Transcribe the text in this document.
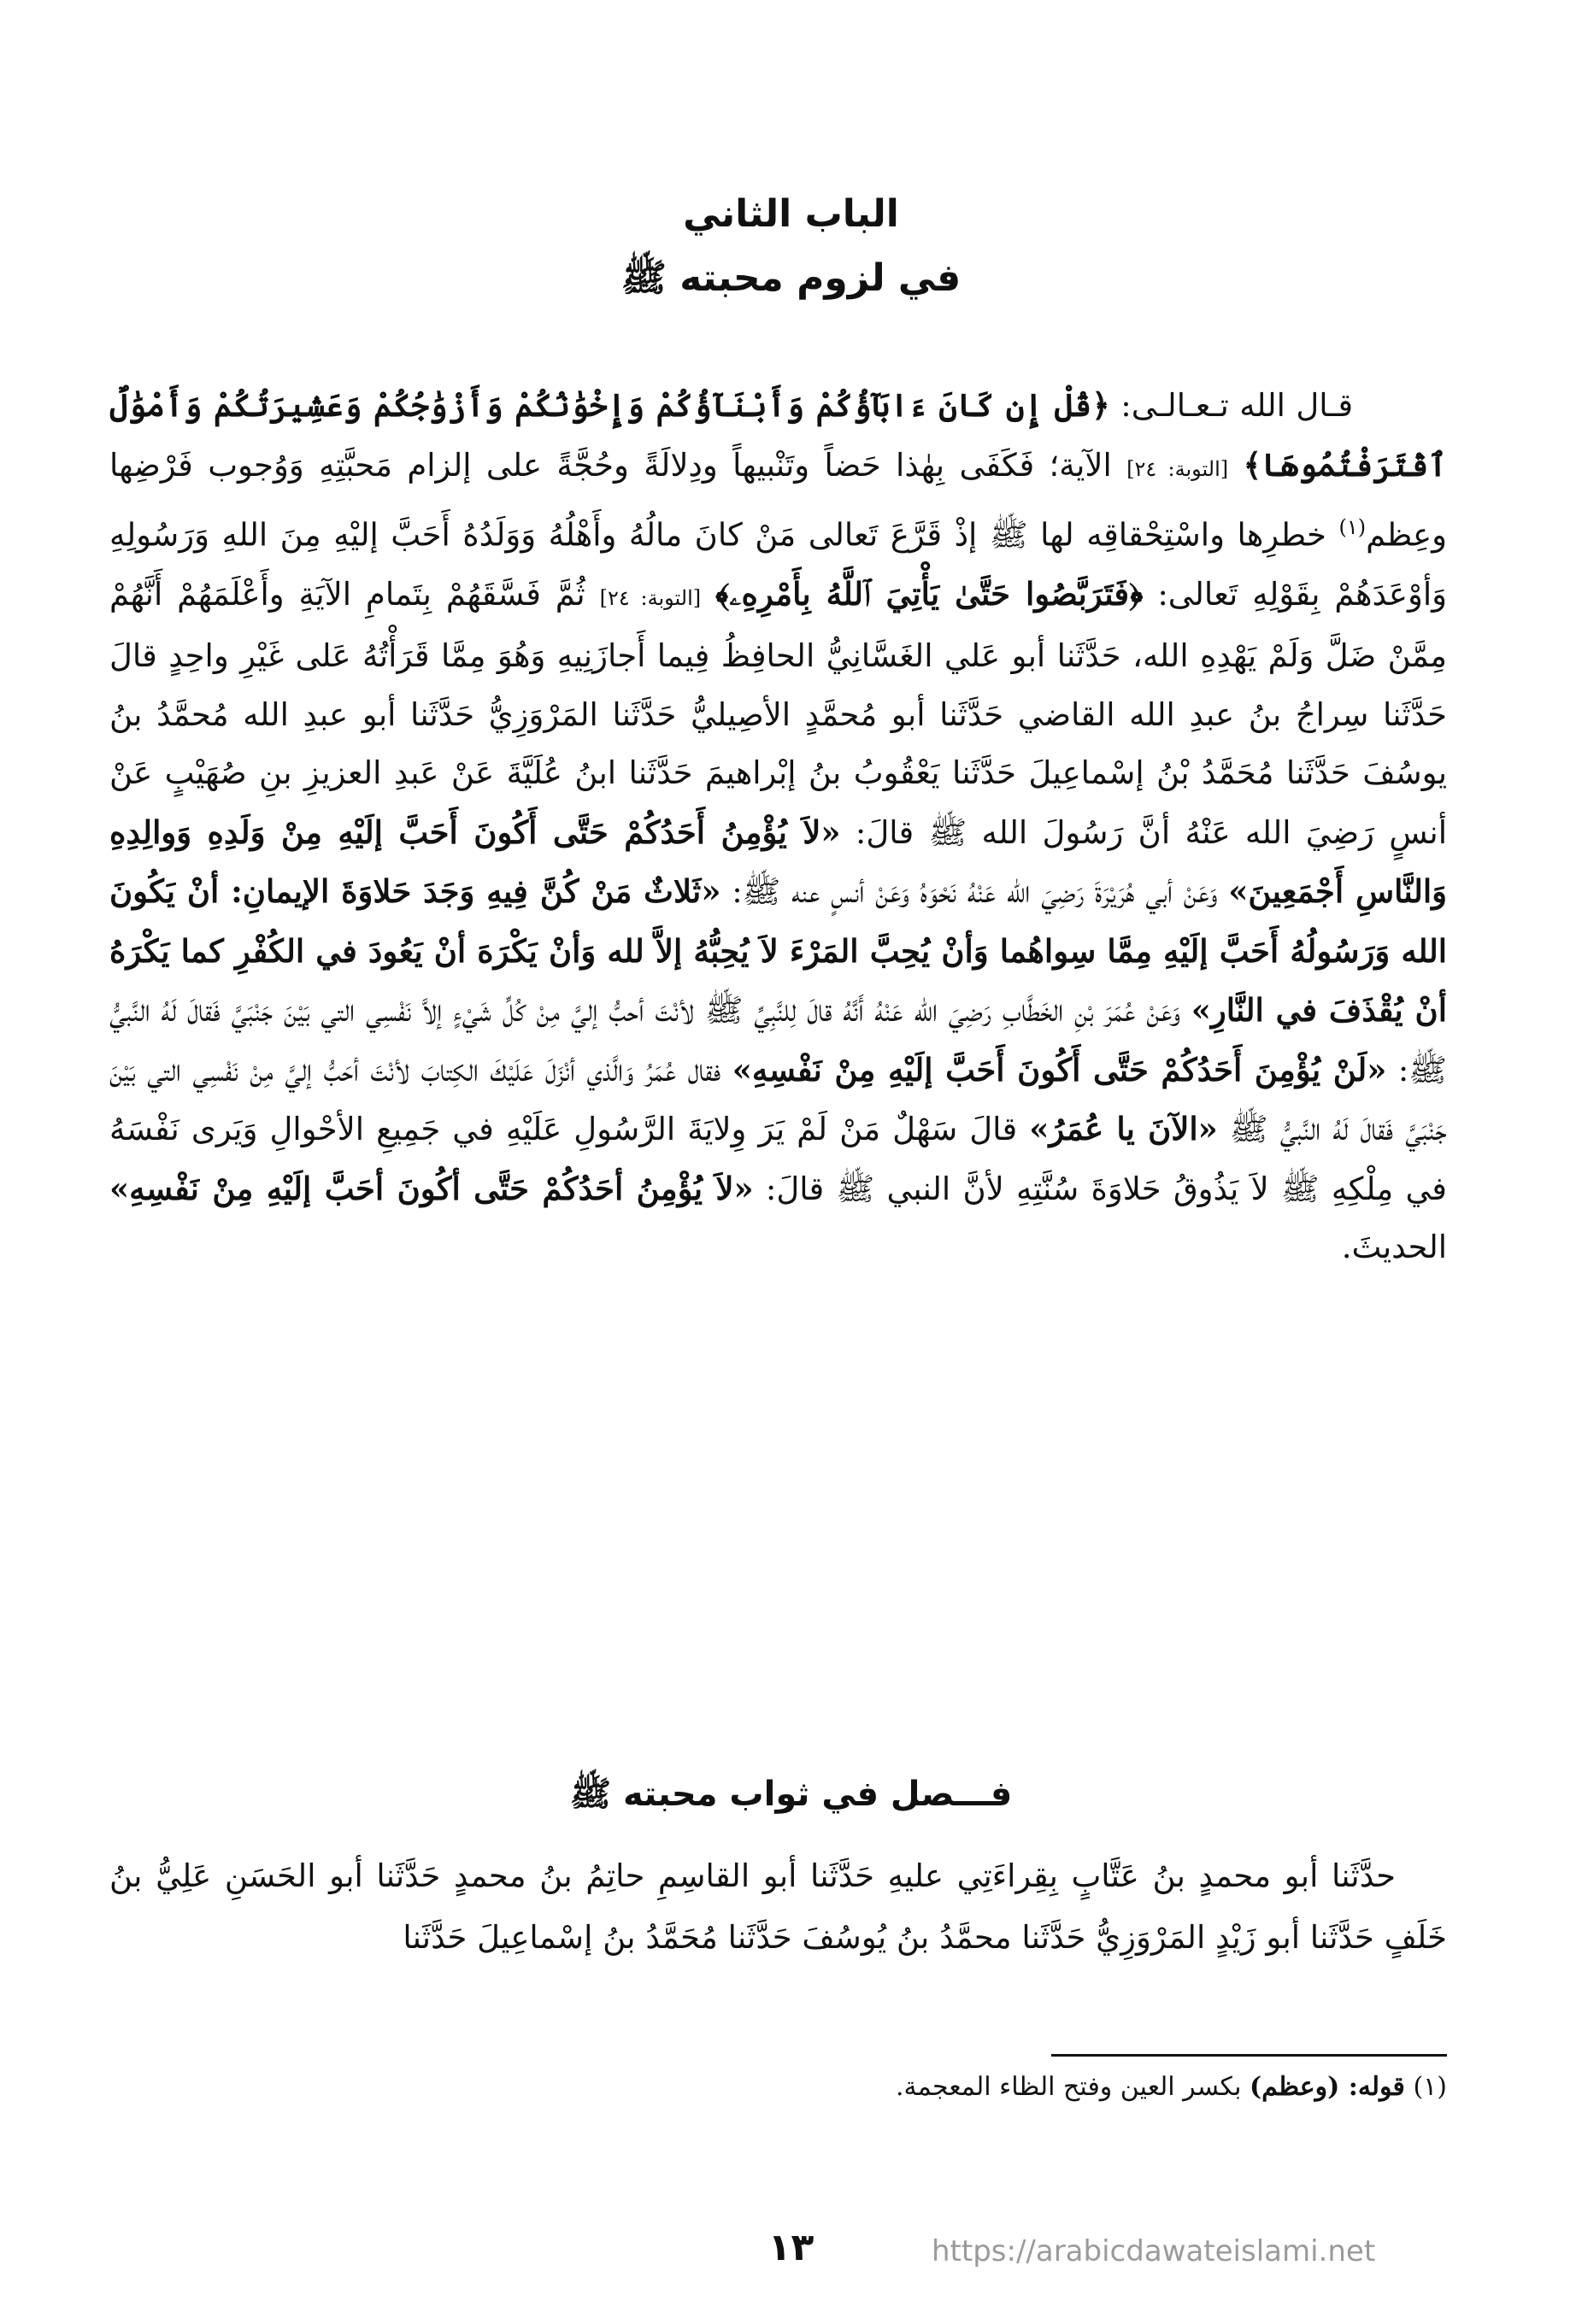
الباب الثاني
في لزوم محبته ﷺ

قـال الله تـعـالـى: ﴿قُلْ إِن كَانَ ءَابَآؤُكُمْ وَأَبْنَآؤُكُمْ وَإِخْوَٰنُكُمْ وَأَزْوَٰجُكُمْ وَعَشِيرَتُكُمْ وَأَمْوَٰلٌ ٱقْتَرَفْتُمُوهَا﴾ [التوبة: ٢٤] الآية؛ فَكَفَى بِهٰذا حَضاً وتَنْبيهاً ودِلالَةً وحُجَّةً على إلزام مَحبَّتِهِ وَوُجوب فَرْضِها وعِظم$^{(١)}$ خطرِها واسْتِحْقاقِه لها ﷺ إذْ قَرَّعَ تَعالى مَنْ كانَ مالُهُ وأَهْلُهُ وَوَلَدُهُ أَحَبَّ إليْهِ مِنَ اللهِ وَرَسُولِهِ وَأوْعَدَهُمْ بِقَوْلِهِ تَعالى: ﴿فَتَرَبَّصُوا حَتَّىٰ يَأْتِيَ ٱللَّهُ بِأَمْرِهِۦ﴾ [التوبة: ٢٤] ثُمَّ فَسَّقَهُمْ بِتَمامِ الآيَةِ وأَعْلَمَهُمْ أَنَّهُمْ مِمَّنْ ضَلَّ وَلَمْ يَهْدِهِ الله، حَدَّثَنا أبو عَلي الغَسَّانِيُّ الحافِظُ فِيما أَجازَنِيهِ وَهُوَ مِمَّا قَرَأْتُهُ عَلى غَيْرِ واحِدٍ قالَ حَدَّثَنا سِراجُ بنُ عبدِ الله القاضي حَدَّثَنا أبو مُحمَّدٍ الأصِيليُّ حَدَّثَنا المَرْوَزِيُّ حَدَّثَنا أبو عبدِ الله مُحمَّدُ بنُ يوسُفَ حَدَّثَنا مُحَمَّدُ بْنُ إسْماعِيلَ حَدَّثَنا يَعْقُوبُ بنُ إبْراهيمَ حَدَّثَنا ابنُ عُلَيَّةَ عَنْ عَبدِ العزيزِ بنِ صُهَيْبٍ عَنْ أنسٍ رَضِيَ الله عَنْهُ أنَّ رَسُولَ الله ﷺ قالَ: «لاَ يُؤْمِنُ أَحَدُكُمْ حَتَّى أَكُونَ أَحَبَّ إلَيْهِ مِنْ وَلَدِهِ وَوالِدِهِ وَالنَّاسِ أَجْمَعِينَ» وَعَنْ أبي هُرَيْرَةَ رَضِيَ الله عَنْهُ نَحْوَهُ وَعَنْ أنسٍ عنه ﷺ: «ثَلاثٌ مَنْ كُنَّ فِيهِ وَجَدَ حَلاوَةَ الإيمانِ: أنْ يَكُونَ الله وَرَسُولُهُ أَحَبَّ إلَيْهِ مِمَّا سِواهُما وَأنْ يُحِبَّ المَرْءَ لاَ يُحِبُّهُ إلاَّ لله وَأنْ يَكْرَهَ أنْ يَعُودَ في الكُفْرِ كما يَكْرَهُ أنْ يُقْذَفَ في النَّارِ» وَعَنْ عُمَرَ بْنِ الخَطَّابِ رَضِيَ الله عَنْهُ أَنَّهُ قالَ لِلنَّبِيِّ ﷺ لأنْتَ أحبُّ إليَّ مِنْ كُلِّ شَيْءٍ إلاَّ نَفْسِي التي بَيْنَ جَنْبَيَّ فَقالَ لَهُ النَّبيُّ ﷺ: «لَنْ يُؤْمِنَ أَحَدُكُمْ حَتَّى أَكُونَ أَحَبَّ إلَيْهِ مِنْ نَفْسِهِ» فقال عُمَرُ وَالَّذي أنْزَلَ عَلَيْكَ الكِتابَ لأنْتَ أحَبُّ إليَّ مِنْ نَفْسِي التي بَيْنَ جَنْبَيَّ فَقالَ لَهُ النَّبيُّ ﷺ «الآنَ يا عُمَرُ» قالَ سَهْلٌ مَنْ لَمْ يَرَ وِلايَةَ الرَّسُولِ عَلَيْهِ في جَمِيعِ الأحْوالِ وَيَرى نَفْسَهُ في مِلْكِهِ ﷺ لاَ يَذُوقُ حَلاوَةَ سُنَّتِهِ لأنَّ النبي ﷺ قالَ: «لاَ يُؤْمِنُ أحَدُكُمْ حَتَّى أكُونَ أحَبَّ إلَيْهِ مِنْ نَفْسِهِ» الحديثَ.

فـــصل في ثواب محبته ﷺ

حدَّثَنا أبو محمدٍ بنُ عَتَّابٍ بِقِراءَتِي عليهِ حَدَّثَنا أبو القاسِمِ حاتِمُ بنُ محمدٍ حَدَّثَنا أبو الحَسَنِ عَلِيُّ بنُ خَلَفٍ حَدَّثَنا أبو زَيْدٍ المَرْوَزِيُّ حَدَّثَنا محمَّدُ بنُ يُوسُفَ حَدَّثَنا مُحَمَّدُ بنُ إسْماعِيلَ حَدَّثَنا

(١) قوله: (وعظم) بكسر العين وفتح الظاء المعجمة.
١٣	https://arabicdawateislami.net
